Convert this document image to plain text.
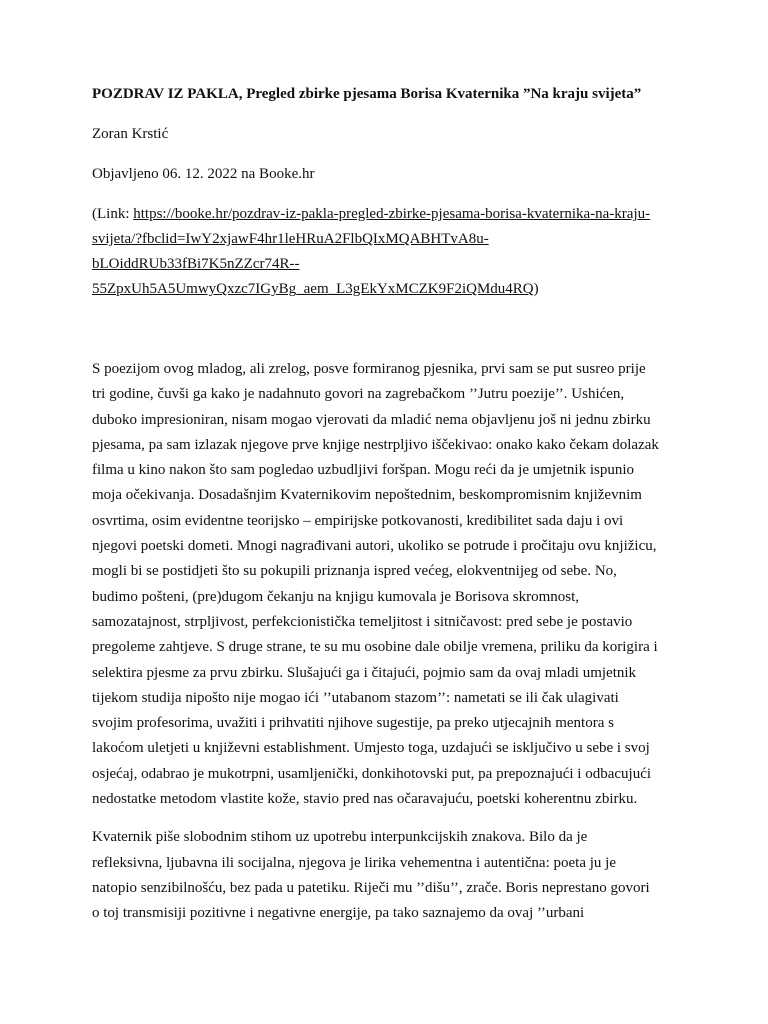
POZDRAV IZ PAKLA, Pregled zbirke pjesama Borisa Kvaternika ”Na kraju svijeta”

Zoran Krstić

Objavljeno 06. 12. 2022 na Booke.hr

(Link: https://booke.hr/pozdrav-iz-pakla-pregled-zbirke-pjesama-borisa-kvaternika-na-kraju-
svijeta/?fbclid=IwY2xjawF4hr1leHRuA2FlbQIxMQABHTvA8u-
bLOiddRUb33fBi7K5nZZcr74R--
55ZpxUh5A5UmwyQxzc7IGyBg_aem_L3gEkYxMCZK9F2iQMdu4RQ)

S poezijom ovog mladog, ali zrelog, posve formiranog pjesnika, prvi sam se put susreo prije
tri godine, čuvši ga kako je nadahnuto govori na zagrebačkom ’’Jutru poezije’’. Ushićen,
duboko impresioniran, nisam mogao vjerovati da mladić nema objavljenu još ni jednu zbirku
pjesama, pa sam izlazak njegove prve knjige nestrpljivo iščekivao: onako kako čekam dolazak
filma u kino nakon što sam pogledao uzbudljivi foršpan. Mogu reći da je umjetnik ispunio
moja očekivanja. Dosadašnjim Kvaternikovim nepoštednim, beskompromisnim književnim
osvrtima, osim evidentne teorijsko – empirijske potkovanosti, kredibilitet sada daju i ovi
njegovi poetski dometi. Mnogi nagrađivani autori, ukoliko se potrude i pročitaju ovu knjižicu,
mogli bi se postidjeti što su pokupili priznanja ispred većeg, elokventnijeg od sebe. No,
budimo pošteni, (pre)dugom čekanju na knjigu kumovala je Borisova skromnost,
samozatajnost, strpljivost, perfekcionistička temeljitost i sitničavost: pred sebe je postavio
pregoleme zahtjeve. S druge strane, te su mu osobine dale obilje vremena, priliku da korigira i
selektira pjesme za prvu zbirku. Slušajući ga i čitajući, pojmio sam da ovaj mladi umjetnik
tijekom studija nipošto nije mogao ići ’’utabanom stazom’’: nametati se ili čak ulagivati
svojim profesorima, uvažiti i prihvatiti njihove sugestije, pa preko utjecajnih mentora s
lakoćom uletjeti u književni establishment. Umjesto toga, uzdajući se isključivo u sebe i svoj
osjećaj, odabrao je mukotrpni, usamljenički, donkihotovski put, pa prepoznajući i odbacujući
nedostatke metodom vlastite kože, stavio pred nas očaravajuću, poetski koherentnu zbirku.

Kvaternik piše slobodnim stihom uz upotrebu interpunkcijskih znakova. Bilo da je
refleksivna, ljubavna ili socijalna, njegova je lirika vehementna i autentična: poeta ju je
natopio senzibilnošću, bez pada u patetiku. Riječi mu ’’dišu’’, zrače. Boris neprestano govori
o toj transmisiji pozitivne i negativne energije, pa tako saznajemo da ovaj ’’urbani
